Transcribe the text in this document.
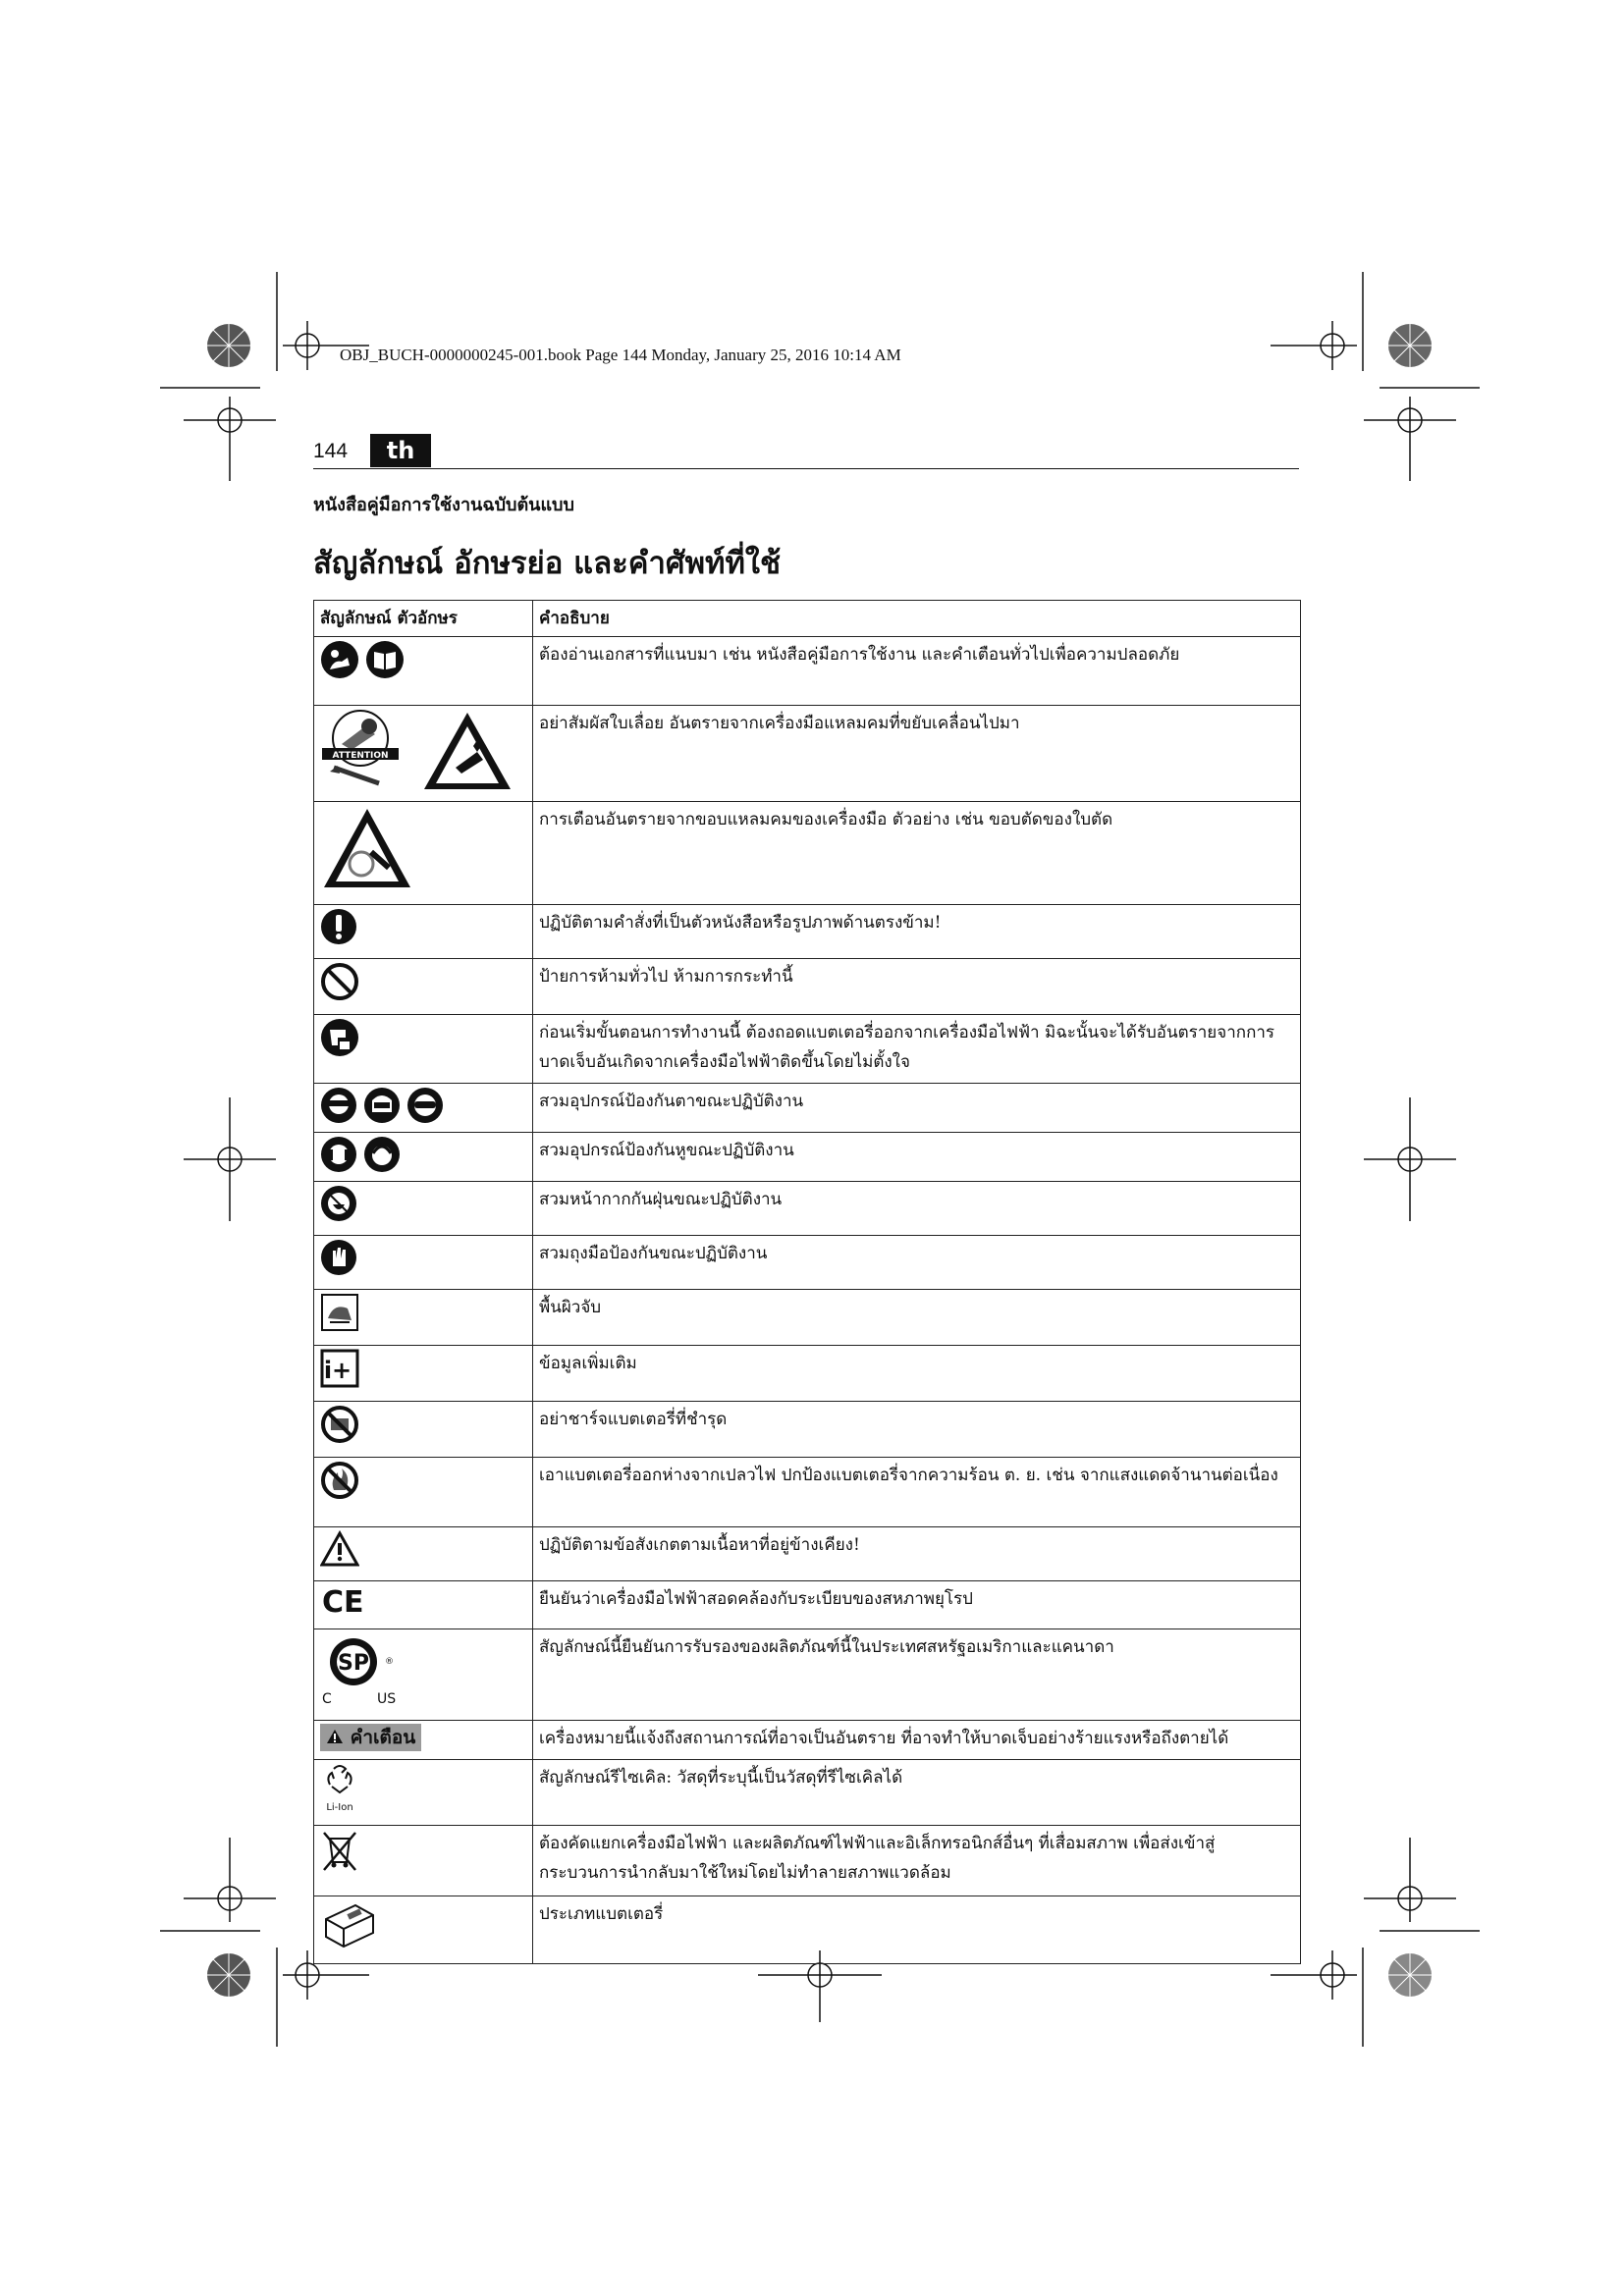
OBJ_BUCH-0000000245-001.book Page 144 Monday, January 25, 2016 10:14 AM
144	th
หนังสือคู่มือการใช้งานฉบับต้นแบบ
สัญลักษณ์ อักษรย่อ และคำศัพท์ที่ใช้
สัญลักษณ์ ตัวอักษร	คำอธิบาย

	ต้องอ่านเอกสารที่แนบมา เช่น หนังสือคู่มือการใช้งาน และคำเตือนทั่วไปเพื่อความปลอดภัย

ATTENTION	อย่าสัมผัสใบเลื่อย อันตรายจากเครื่องมือแหลมคมที่ขยับเคลื่อนไปมา
	การเตือนอันตรายจากขอบแหลมคมของเครื่องมือ ตัวอย่าง เช่น ขอบตัดของใบตัด
	ปฏิบัติตามคำสั่งที่เป็นตัวหนังสือหรือรูปภาพด้านตรงข้าม!
	ป้ายการห้ามทั่วไป ห้ามการกระทำนี้
	ก่อนเริ่มขั้นตอนการทำงานนี้ ต้องถอดแบตเตอรี่ออกจากเครื่องมือไฟฟ้า มิฉะนั้นจะได้รับอันตรายจากการบาดเจ็บอันเกิดจากเครื่องมือไฟฟ้าติดขึ้นโดยไม่ตั้งใจ

	สวมอุปกรณ์ป้องกันตาขณะปฏิบัติงาน

	สวมอุปกรณ์ป้องกันหูขณะปฏิบัติงาน
	สวมหน้ากากกันฝุ่นขณะปฏิบัติงาน
	สวมถุงมือป้องกันขณะปฏิบัติงาน
	พื้นผิวจับ

i+	ข้อมูลเพิ่มเติม
	อย่าชาร์จแบตเตอรี่ที่ชำรุด
	เอาแบตเตอรี่ออกห่างจากเปลวไฟ ปกป้องแบตเตอรี่จากความร้อน ต. ย. เช่น จากแสงแดดจ้านานต่อเนื่อง
	ปฏิบัติตามข้อสังเกตตามเนื้อหาที่อยู่ข้างเคียง!

CE	ยืนยันว่าเครื่องมือไฟฟ้าสอดคล้องกับระเบียบของสหภาพยุโรป

SP ®
C US	สัญลักษณ์นี้ยืนยันการรับรองของผลิตภัณฑ์นี้ในประเทศสหรัฐอเมริกาและแคนาดา
คำเตือน	เครื่องหมายนี้แจ้งถึงสถานการณ์ที่อาจเป็นอันตราย ที่อาจทำให้บาดเจ็บอย่างร้ายแรงหรือถึงตายได้

Li-Ion	สัญลักษณ์รีไซเคิล: วัสดุที่ระบุนี้เป็นวัสดุที่รีไซเคิลได้
	ต้องคัดแยกเครื่องมือไฟฟ้า และผลิตภัณฑ์ไฟฟ้าและอิเล็กทรอนิกส์อื่นๆ ที่เสื่อมสภาพ เพื่อส่งเข้าสู่กระบวนการนำกลับมาใช้ใหม่โดยไม่ทำลายสภาพแวดล้อม
	ประเภทแบตเตอรี่
